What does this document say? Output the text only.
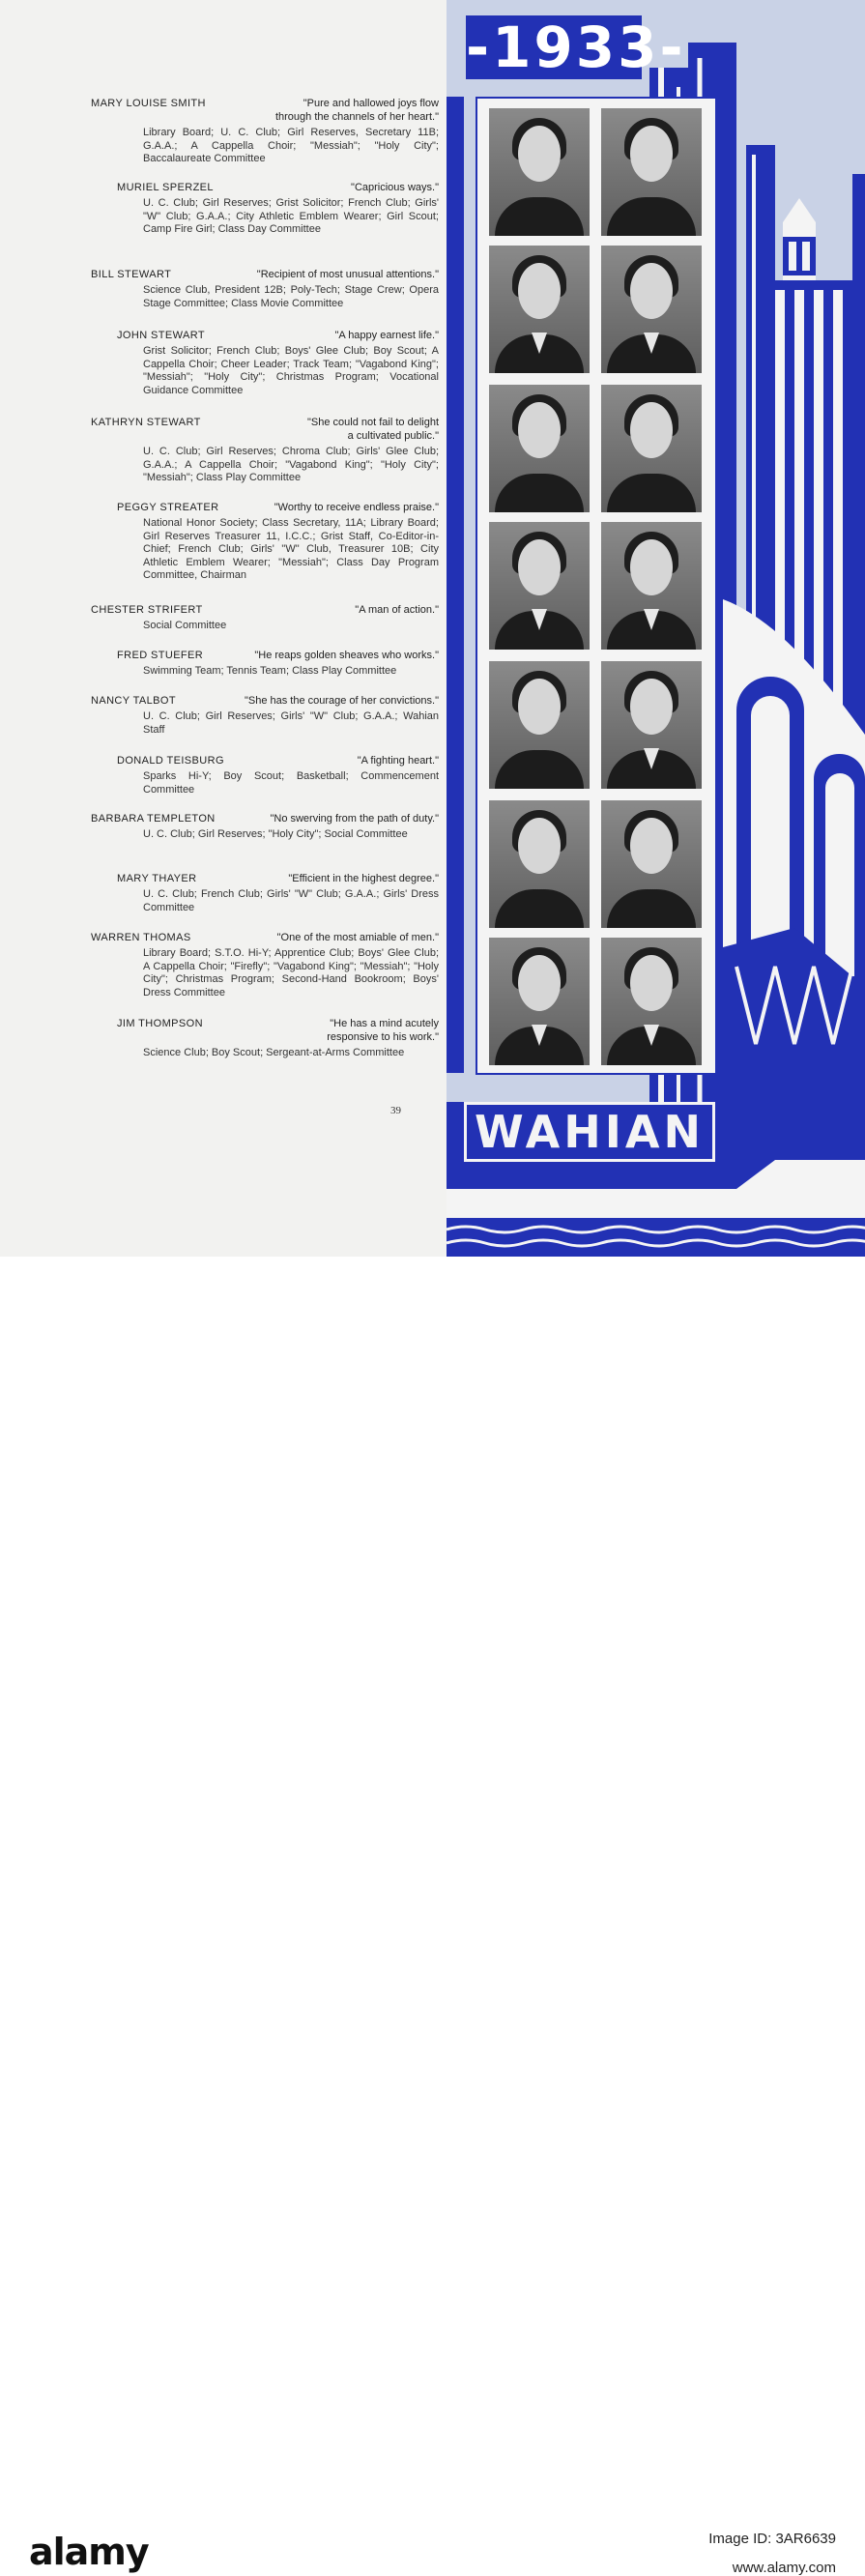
MARY LOUISE SMITH	"Pure and hallowed joys flow
through the channels of her heart."
Library Board; U. C. Club; Girl Reserves, Secretary 11B; G.A.A.; A Cappella Choir; "Messiah"; "Holy City"; Baccalaureate Committee
MURIEL SPERZEL	"Capricious ways."
U. C. Club; Girl Reserves; Grist Solicitor; French Club; Girls' "W" Club; G.A.A.; City Athletic Emblem Wearer; Girl Scout; Camp Fire Girl; Class Day Committee
BILL STEWART	"Recipient of most unusual attentions."
Science Club, President 12B; Poly-Tech; Stage Crew; Opera Stage Committee; Class Movie Committee
JOHN STEWART	"A happy earnest life."
Grist Solicitor; French Club; Boys' Glee Club; Boy Scout; A Cappella Choir; Cheer Leader; Track Team; "Vagabond King"; "Messiah"; "Holy City"; Christmas Program; Vocational Guidance Committee
KATHRYN STEWART	"She could not fail to delight
a cultivated public."
U. C. Club; Girl Reserves; Chroma Club; Girls' Glee Club; G.A.A.; A Cappella Choir; "Vagabond King"; "Holy City"; "Messiah"; Class Play Committee
PEGGY STREATER	"Worthy to receive endless praise."
National Honor Society; Class Secretary, 11A; Library Board; Girl Reserves Treasurer 11, I.C.C.; Grist Staff, Co-Editor-in-Chief; French Club; Girls' "W" Club, Treasurer 10B; City Athletic Emblem Wearer; "Messiah"; Class Day Program Committee, Chairman
CHESTER STRIFERT	"A man of action."
Social Committee
FRED STUEFER	"He reaps golden sheaves who works."
Swimming Team; Tennis Team; Class Play Committee
NANCY TALBOT	"She has the courage of her convictions."
U. C. Club; Girl Reserves; Girls' "W" Club; G.A.A.; Wahian Staff
DONALD TEISBURG	"A fighting heart."
Sparks Hi-Y; Boy Scout; Basketball; Commencement Committee
BARBARA TEMPLETON	"No swerving from the path of duty."
U. C. Club; Girl Reserves; "Holy City"; Social Committee
MARY THAYER	"Efficient in the highest degree."
U. C. Club; French Club; Girls' "W" Club; G.A.A.; Girls' Dress Committee
WARREN THOMAS	"One of the most amiable of men."
Library Board; S.T.O. Hi-Y; Apprentice Club; Boys' Glee Club; A Cappella Choir; "Firefly"; "Vagabond King"; "Messiah"; "Holy City"; Christmas Program; Second-Hand Bookroom; Boys' Dress Committee
JIM THOMPSON	"He has a mind acutely
responsive to his work."
Science Club; Boy Scout; Sergeant-at-Arms Committee
39
-1933-
WAHIAN
alamy	Image ID: 3AR6639
www.alamy.com
